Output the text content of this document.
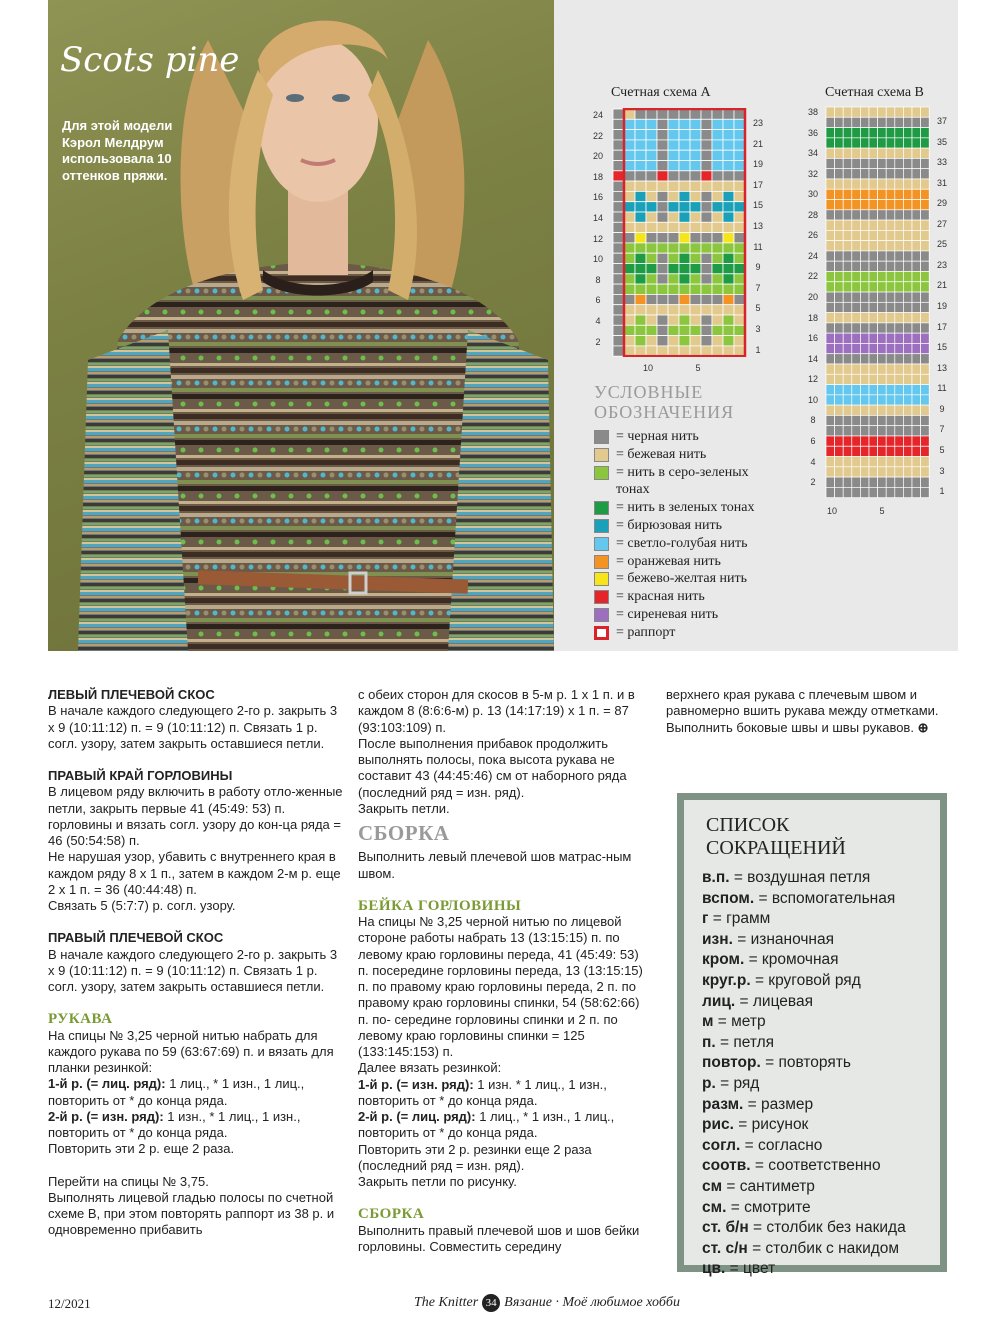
Scots pine
Для этой модели Кэрол Мелдрум использовала 10 оттенков пряжи.
Счетная схема А
24
22
20
18
16
14
12
10
8
6
4
2
23
21
19
17
15
13
11
9
7
5
3
1
10	5
Счетная схема В
38
36
34
32
30
28
26
24
22
20
18
16
14
12
10
8
6
4
2
37
35
33
31
29
27
25
23
21
19
17
15
13
11
9
7
5
3
1
10	5
УСЛОВНЫЕ ОБОЗНАЧЕНИЯ
= черная нить
= бежевая нить
= нить в серо-зеленых тонах
= нить в зеленых тонах
= бирюзовая нить
= светло-голубая нить
= оранжевая нить
= бежево-желтая нить
= красная нить
= сиреневая нить
= раппорт

ЛЕВЫЙ ПЛЕЧЕВОЙ СКОС

В начале каждого следующего 2-го р. закрыть 3 х 9 (10:11:12) п. = 9 (10:11:12) п. Связать 1 р. согл. узору, затем закрыть оставшиеся петли.

ПРАВЫЙ КРАЙ ГОРЛОВИНЫ

В лицевом ряду включить в работу отло-женные петли, закрыть первые 41 (45:49: 53) п. горловины и вязать согл. узору до кон-ца ряда = 46 (50:54:58) п.

Не нарушая узор, убавить с внутреннего края в каждом ряду 8 х 1 п., затем в каждом 2-м р. еще 2 х 1 п. = 36 (40:44:48) п.

Связать 5 (5:7:7) р. согл. узору.

ПРАВЫЙ ПЛЕЧЕВОЙ СКОС

В начале каждого следующего 2-го р. закрыть 3 х 9 (10:11:12) п. = 9 (10:11:12) п. Связать 1 р. согл. узору, затем закрыть оставшиеся петли.

РУКАВА

На спицы № 3,25 черной нитью набрать для каждого рукава по 59 (63:67:69) п. и вязать для планки резинкой:

1-й р. (= лиц. ряд): 1 лиц., * 1 изн., 1 лиц., повторить от * до конца ряда.

2-й р. (= изн. ряд): 1 изн., * 1 лиц., 1 изн., повторить от * до конца ряда.

Повторить эти 2 р. еще 2 раза.

Перейти на спицы № 3,75.

Выполнять лицевой гладью полосы по счетной схеме В, при этом повторять раппорт из 38 р. и одновременно прибавить

с обеих сторон для скосов в 5-м р. 1 х 1 п. и в каждом 8 (8:6:6-м) р. 13 (14:17:19) х 1 п. = 87 (93:103:109) п.

После выполнения прибавок продолжить выполнять полосы, пока высота рукава не составит 43 (44:45:46) см от наборного ряда (последний ряд = изн. ряд).

Закрыть петли.

СБОРКА

Выполнить левый плечевой шов матрас-ным швом.

БЕЙКА ГОРЛОВИНЫ

На спицы № 3,25 черной нитью по лицевой стороне работы набрать 13 (13:15:15) п. по левому краю горловины переда, 41 (45:49: 53) п. посередине горловины переда, 13 (13:15:15) п. по правому краю горловины переда, 2 п. по правому краю горловины спинки, 54 (58:62:66) п. по- середине горловины спинки и 2 п. по левому краю горловины спинки = 125 (133:145:153) п.

Далее вязать резинкой:

1-й р. (= изн. ряд): 1 изн. * 1 лиц., 1 изн., повторить от * до конца ряда.

2-й р. (= лиц. ряд): 1 лиц., * 1 изн., 1 лиц., повторить от * до конца ряда.

Повторить эти 2 р. резинки еще 2 раза (последний ряд = изн. ряд).

Закрыть петли по рисунку.

СБОРКА

Выполнить правый плечевой шов и шов бейки горловины. Совместить середину

верхнего края рукава с плечевым швом и равномерно вшить рукава между отметками.

Выполнить боковые швы и швы рукавов. ⊕

СПИСОК СОКРАЩЕНИЙ
в.п. = воздушная петля
вспом. = вспомогательная
г = грамм
изн. = изнаночная
кром. = кромочная
круг.р. = круговой ряд
лиц. = лицевая
м = метр
п. = петля
повтор. = повторять
р. = ряд
разм. = размер
рис. = рисунок
согл. = согласно
соотв. = соответственно
см = сантиметр
см. = смотрите
ст. б/н = столбик без накида
ст. с/н = столбик с накидом
цв. = цвет
12/2021	The Knitter 34 Вязание · Моё любимое хобби
